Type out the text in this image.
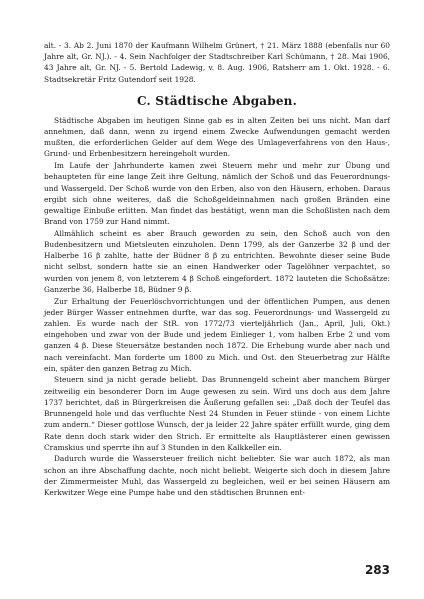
alt. - 3. Ab 2. Juni 1870 der Kaufmann Wilhelm Grünert, † 21. März 1888 (ebenfalls nur 60 Jahre alt, Gr. NJ.). - 4. Sein Nachfolger der Stadtschreiber Karl Schümann, † 28. Mai 1906, 43 Jahre alt, Gr. NJ. - 5. Bertold Ladewig, v. 8. Aug. 1906, Ratsherr am 1. Okt. 1928. - 6. Stadtsekretär Fritz Gutendorf seit 1928.

C. Städtische Abgaben.

Städtische Abgaben im heutigen Sinne gab es in alten Zeiten bei uns nicht. Man darf annehmen, daß dann, wenn zu irgend einem Zwecke Aufwendungen gemacht werden mußten, die erforderlichen Gelder auf dem Wege des Umlageverfahrens von den Haus-, Grund- und Erbenbesitzern hereingeholt wurden.

Im Laufe der Jahrhunderte kamen zwei Steuern mehr und mehr zur Übung und behaupteten für eine lange Zeit ihre Geltung, nämlich der Schoß und das Feuerordnungs- und Wassergeld. Der Schoß wurde von den Erben, also von den Häusern, erhoben. Daraus ergibt sich ohne weiteres, daß die Schoßgeldeinnahmen nach großen Bränden eine gewaltige Einbuße erlitten. Man findet das bestätigt, wenn man die Schoßlisten nach dem Brand von 1759 zur Hand nimmt.

Allmählich scheint es aber Brauch geworden zu sein, den Schoß auch von den Budenbesitzern und Mietsleuten einzuholen. Denn 1799, als der Ganzerbe 32 β und der Halberbe 16 β zahlte, hatte der Büdner 8 β zu entrichten. Bewohnte dieser seine Bude nicht selbst, sondern hatte sie an einen Handwerker oder Tagelöhner verpachtet, so wurden von jenem 8, von letzterem 4 β Schoß eingefordert. 1872 lauteten die Schoßsätze: Ganzerbe 36, Halberbe 18, Büdner 9 β.

Zur Erhaltung der Feuerlöschvorrichtungen und der öffentlichen Pumpen, aus denen jeder Bürger Wasser entnehmen durfte, war das sog. Feuerordnungs- und Wassergeld zu zahlen. Es wurde nach der StR. von 1772/73 vierteljährlich (Jan., April, Juli, Okt.) eingehoben und zwar von der Bude und jedem Einlieger 1, vom halben Erbe 2 und vom ganzen 4 β. Diese Steuersätze bestanden noch 1872. Die Erhebung wurde aber nach und nach vereinfacht. Man forderte um 1800 zu Mich. und Ost. den Steuerbetrag zur Hälfte ein, später den ganzen Betrag zu Mich.

Steuern sind ja nicht gerade beliebt. Das Brunnengeld scheint aber manchem Bürger zeitweilig ein besonderer Dorn im Auge gewesen zu sein. Wird uns doch aus dem Jahre 1737 berichtet, daß in Bürgerkreisen die Äußerung gefallen sei: „Daß doch der Teufel das Brunnengeld hole und das verfluchte Nest 24 Stunden in Feuer stünde - von einem Lichte zum andern.“ Dieser gottlose Wunsch, der ja leider 22 Jahre später erfüllt wurde, ging dem Rate denn doch stark wider den Strich. Er ermittelte als Hauptlästerer einen gewissen Cramskius und sperrte ihn auf 3 Stunden in den Kalkkeller ein.

Dadurch wurde die Wassersteuer freilich nicht beliebter. Sie war auch 1872, als man schon an ihre Abschaffung dachte, noch nicht beliebt. Weigerte sich doch in diesem Jahre der Zimmermeister Muhl, das Wassergeld zu begleichen, weil er bei seinen Häusern am Kerkwitzer Wege eine Pumpe habe und den städtischen Brunnen ent-

283
